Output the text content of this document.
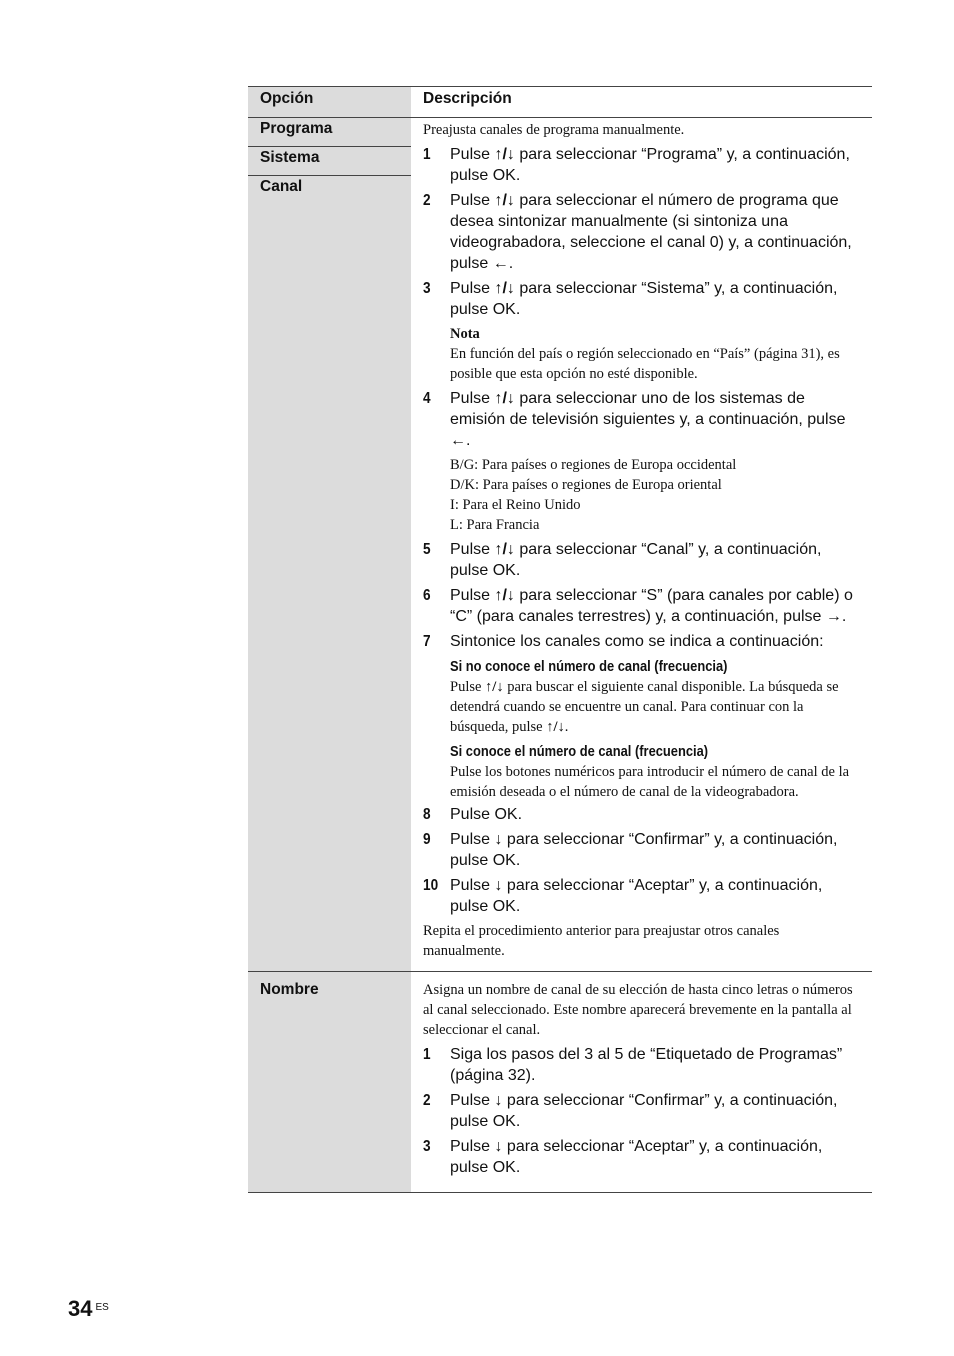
Opción	Descripción
Programa
Sistema
Canal
Preajusta canales de programa manualmente.
1	Pulse ↑/↓ para seleccionar “Programa” y, a continuación, pulse OK.
2	Pulse ↑/↓ para seleccionar el número de programa que desea sintonizar manualmente (si sintoniza una videograbadora, seleccione el canal 0) y, a continuación, pulse ←.
3	Pulse ↑/↓ para seleccionar “Sistema” y, a continuación, pulse OK.
Nota
En función del país o región seleccionado en “País” (página 31), es posible que esta opción no esté disponible.
4	Pulse ↑/↓ para seleccionar uno de los sistemas de emisión de televisión siguientes y, a continuación, pulse ←.
B/G: Para países o regiones de Europa occidental
D/K: Para países o regiones de Europa oriental
I: Para el Reino Unido
L: Para Francia
5	Pulse ↑/↓ para seleccionar “Canal” y, a continuación, pulse OK.
6	Pulse ↑/↓ para seleccionar “S” (para canales por cable) o “C” (para canales terrestres) y, a continuación, pulse →.
7	Sintonice los canales como se indica a continuación:
Si no conoce el número de canal (frecuencia)
Pulse ↑/↓ para buscar el siguiente canal disponible. La búsqueda se detendrá cuando se encuentre un canal. Para continuar con la búsqueda, pulse ↑/↓.
Si conoce el número de canal (frecuencia)
Pulse los botones numéricos para introducir el número de canal de la emisión deseada o el número de canal de la videograbadora.
8	Pulse OK.
9	Pulse ↓ para seleccionar “Confirmar” y, a continuación, pulse OK.
10 Pulse ↓ para seleccionar “Aceptar” y, a continuación, pulse OK.
Repita el procedimiento anterior para preajustar otros canales manualmente.
Nombre	Asigna un nombre de canal de su elección de hasta cinco letras o números al canal seleccionado. Este nombre aparecerá brevemente en la pantalla al seleccionar el canal.
1	Siga los pasos del 3 al 5 de “Etiquetado de Programas” (página 32).
2	Pulse ↓ para seleccionar “Confirmar” y, a continuación, pulse OK.
3	Pulse ↓ para seleccionar “Aceptar” y, a continuación, pulse OK.
34 $^{ES}$
